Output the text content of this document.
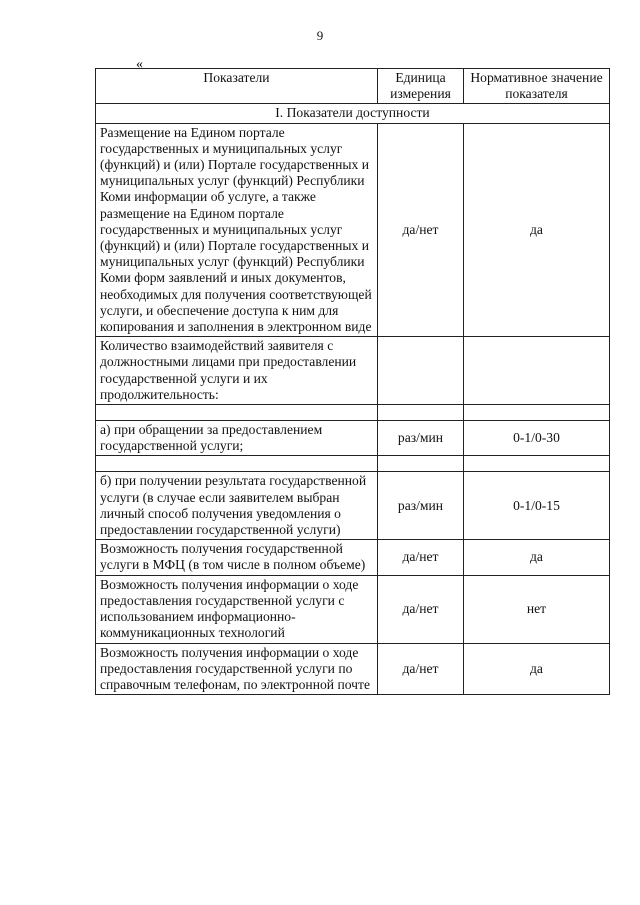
9
«
Показатели	Единица измерения	Нормативное значение показателя
I. Показатели доступности		
Размещение на Едином портале государственных и муниципальных услуг (функций) и (или) Портале государственных и муниципальных услуг (функций) Республики Коми информации об услуге, а также размещение на Едином портале государственных и муниципальных услуг (функций) и (или) Портале государственных и муниципальных услуг (функций) Республики Коми форм заявлений и иных документов, необходимых для получения соответствующей услуги, и обеспечение доступа к ним для копирования и заполнения в электронном виде	да/нет	да
Количество взаимодействий заявителя с должностными лицами при предоставлении государственной услуги и их продолжительность:		

а) при обращении за предоставлением государственной услуги;	раз/мин	0-1/0-30

б) при получении результата государственной услуги (в случае если заявителем выбран личный способ получения уведомления о предоставлении государственной услуги)	раз/мин	0-1/0-15
Возможность получения государственной услуги в МФЦ (в том числе в полном объеме)	да/нет	да
Возможность получения информации о ходе предоставления государственной услуги с использованием информационно-коммуникационных технологий	да/нет	нет
Возможность получения информации о ходе предоставления государственной услуги по справочным телефонам, по электронной почте	да/нет	да
